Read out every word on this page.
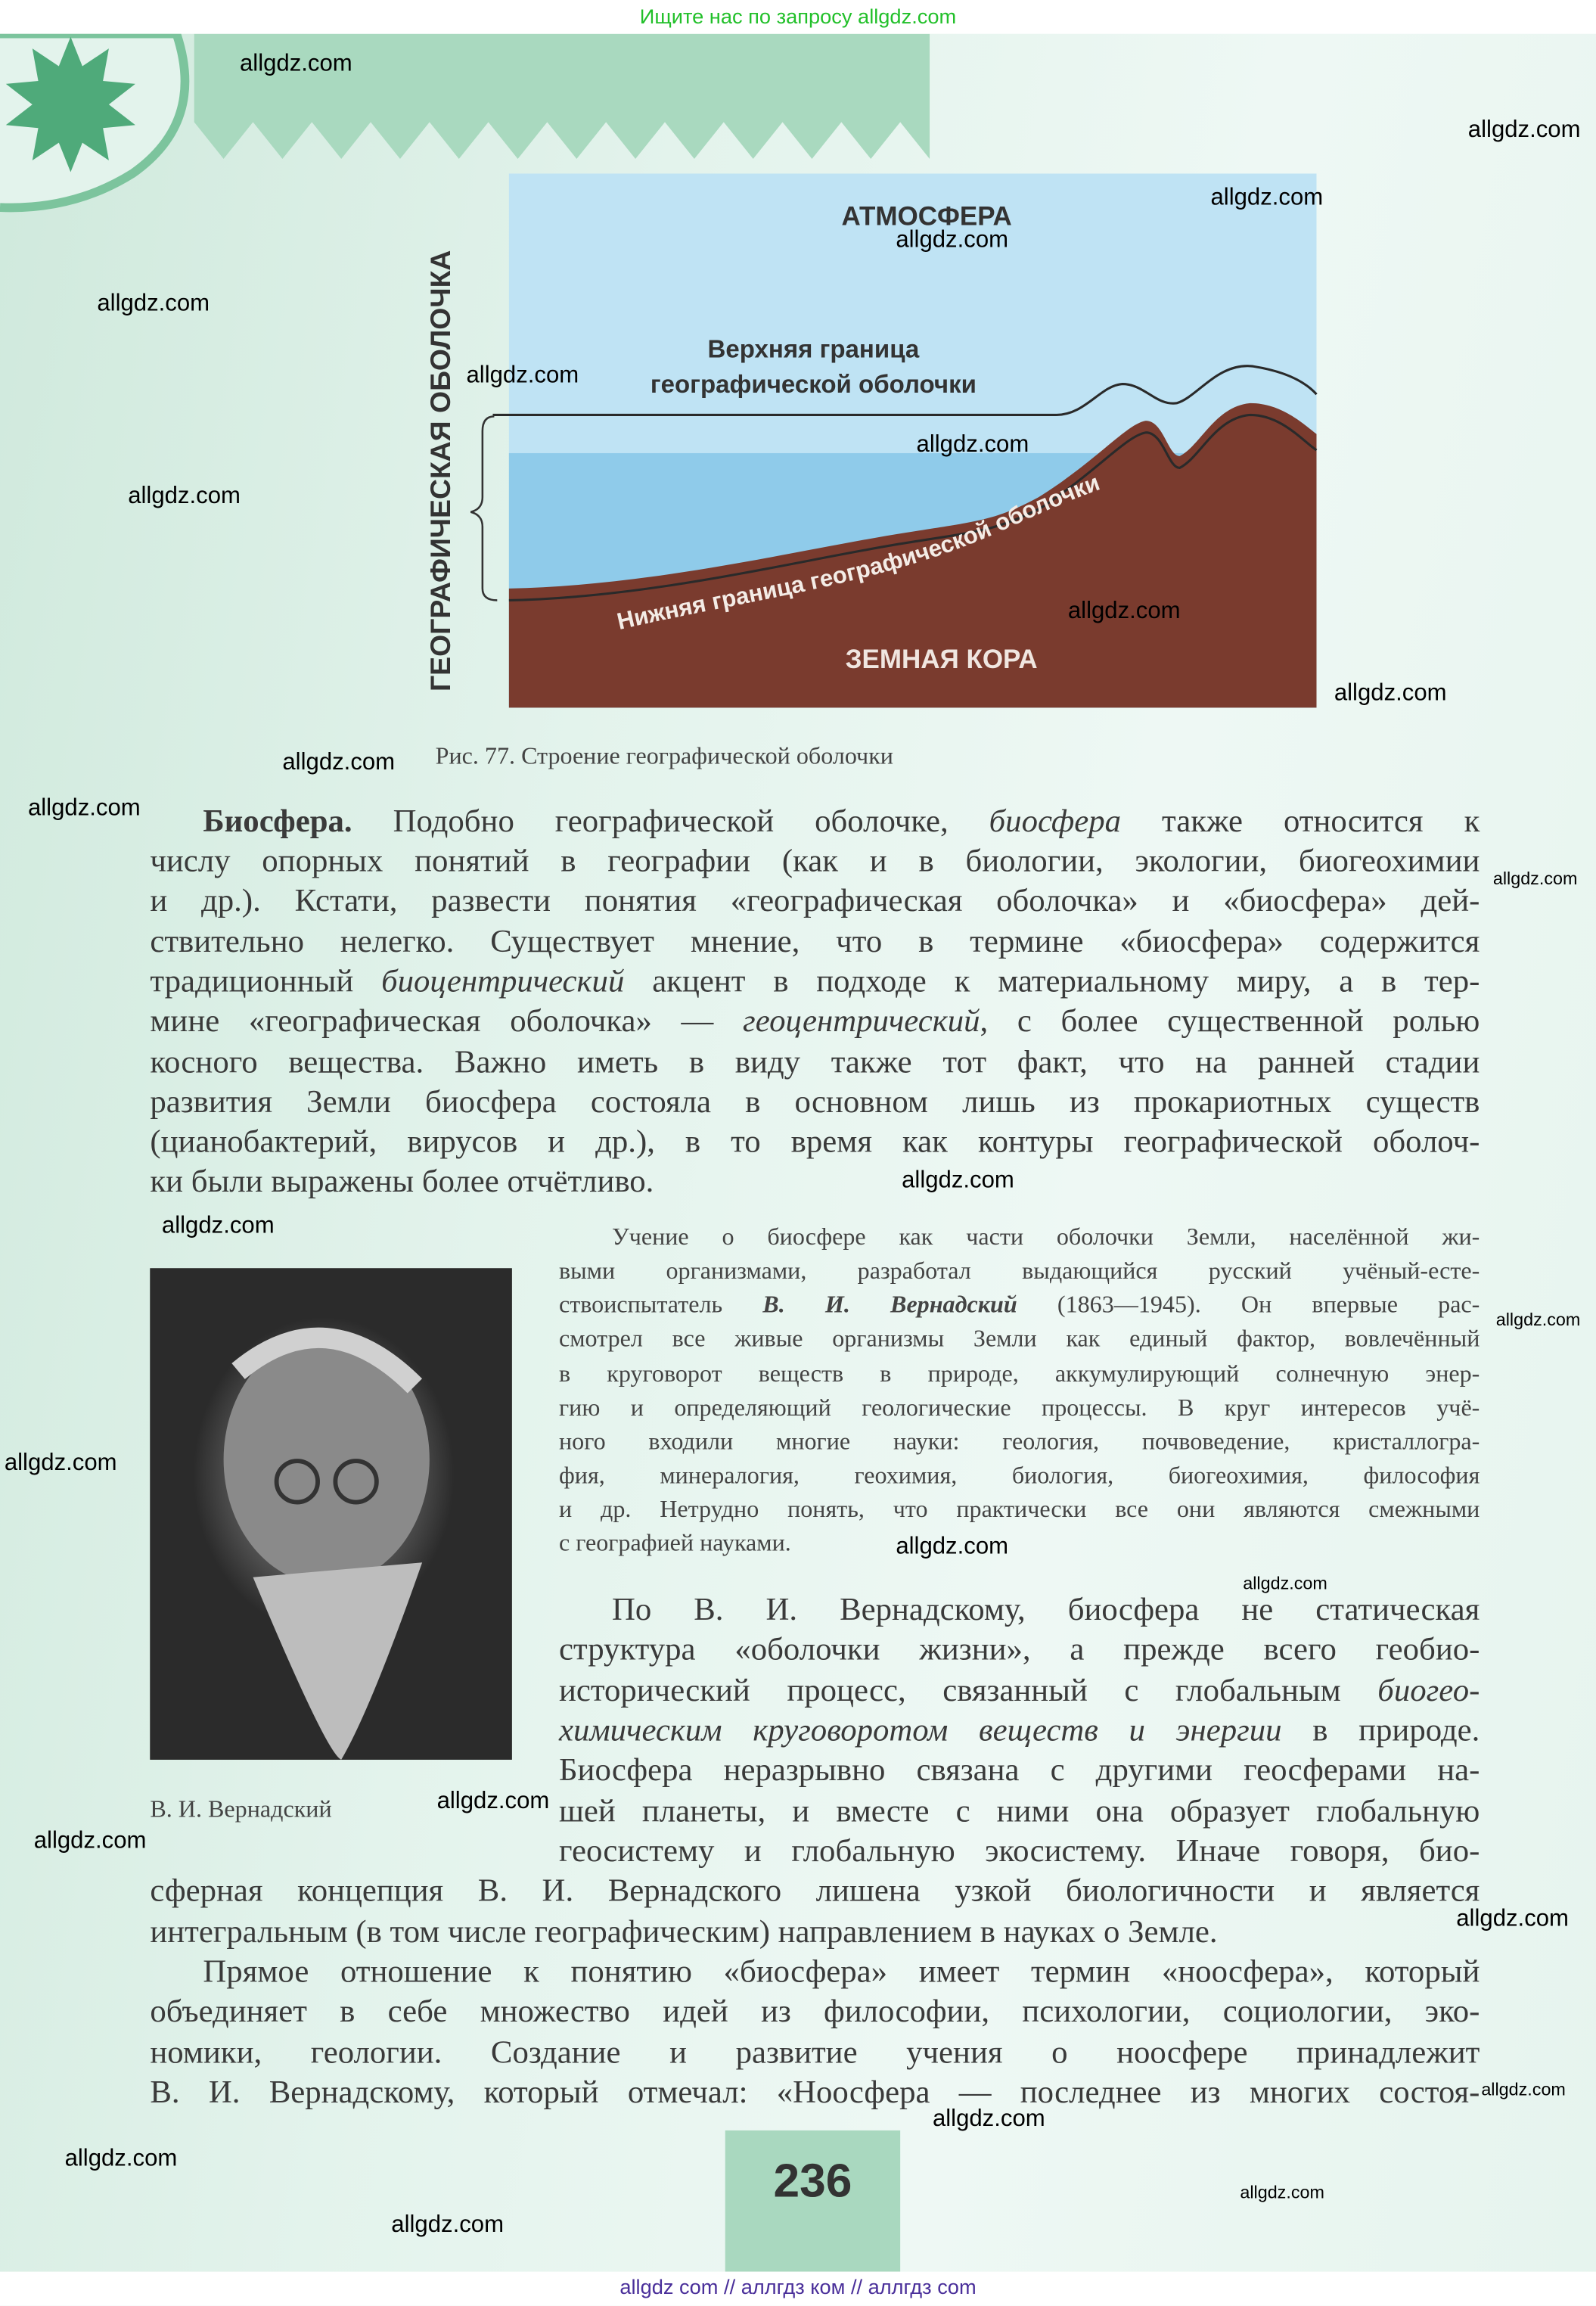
Ищите нас по запросу allgdz.com
ГЕОГРАФИЧЕСКАЯ ОБОЛОЧКА
АТМОСФЕРА
Верхняя граница
географической оболочки
Нижняя граница географической оболочки
ЗЕМНАЯ КОРА
Рис. 77. Строение географической оболочки
Биосфера. Подобно географической оболочке, биосфера также относится к
числу опорных понятий в географии (как и в биологии, экологии, биогеохимии
и др.). Кстати, развести понятия «географическая оболочка» и «биосфера» дей-
ствительно нелегко. Существует мнение, что в термине «биосфера» содержится
традиционный биоцентрический акцент в подходе к материальному миру, а в тер-
мине «географическая оболочка» — геоцентрический, с более существенной ролью
косного вещества. Важно иметь в виду также тот факт, что на ранней стадии
развития Земли биосфера состояла в основном лишь из прокариотных существ
(цианобактерий, вирусов и др.), в то время как контуры географической оболоч-
ки были выражены более отчётливо.
Учение о биосфере как части оболочки Земли, населённой жи-
выми организмами, разработал выдающийся русский учёный-есте-
ствоиспытатель В. И. Вернадский (1863—1945). Он впервые рас-
смотрел все живые организмы Земли как единый фактор, вовлечённый
в круговорот веществ в природе, аккумулирующий солнечную энер-
гию и определяющий геологические процессы. В круг интересов учё-
ного входили многие науки: геология, почвоведение, кристаллогра-
фия, минералогия, геохимия, биология, биогеохимия, философия
и др. Нетрудно понять, что практически все они являются смежными
с географией науками.
По В. И. Вернадскому, биосфера не статическая
структура «оболочки жизни», а прежде всего геобио-
исторический процесс, связанный с глобальным биогео-
химическим круговоротом веществ и энергии в природе.
Биосфера неразрывно связана с другими геосферами на-
шей планеты, и вместе с ними она образует глобальную
геосистему и глобальную экосистему. Иначе говоря, био-
сферная концепция В. И. Вернадского лишена узкой биологичности и является
интегральным (в том числе географическим) направлением в науках о Земле.
Прямое отношение к понятию «биосфера» имеет термин «ноосфера», который
объединяет в себе множество идей из философии, психологии, социологии, эко-
номики, геологии. Создание и развитие учения о ноосфере принадлежит
В. И. Вернадскому, который отмечал: «Ноосфера — последнее из многих состоя-
В. И. Вернадский
236
allgdz com // аллгдз ком // аллгдз com
allgdz.com
allgdz.com
allgdz.com
allgdz.com
allgdz.com
allgdz.com
allgdz.com
allgdz.com
allgdz.com
allgdz.com
allgdz.com
allgdz.com
allgdz.com
allgdz.com
allgdz.com
allgdz.com
allgdz.com
allgdz.com
allgdz.com
allgdz.com
allgdz.com
allgdz.com
allgdz.com
allgdz.com
allgdz.com
allgdz.com
allgdz.com
